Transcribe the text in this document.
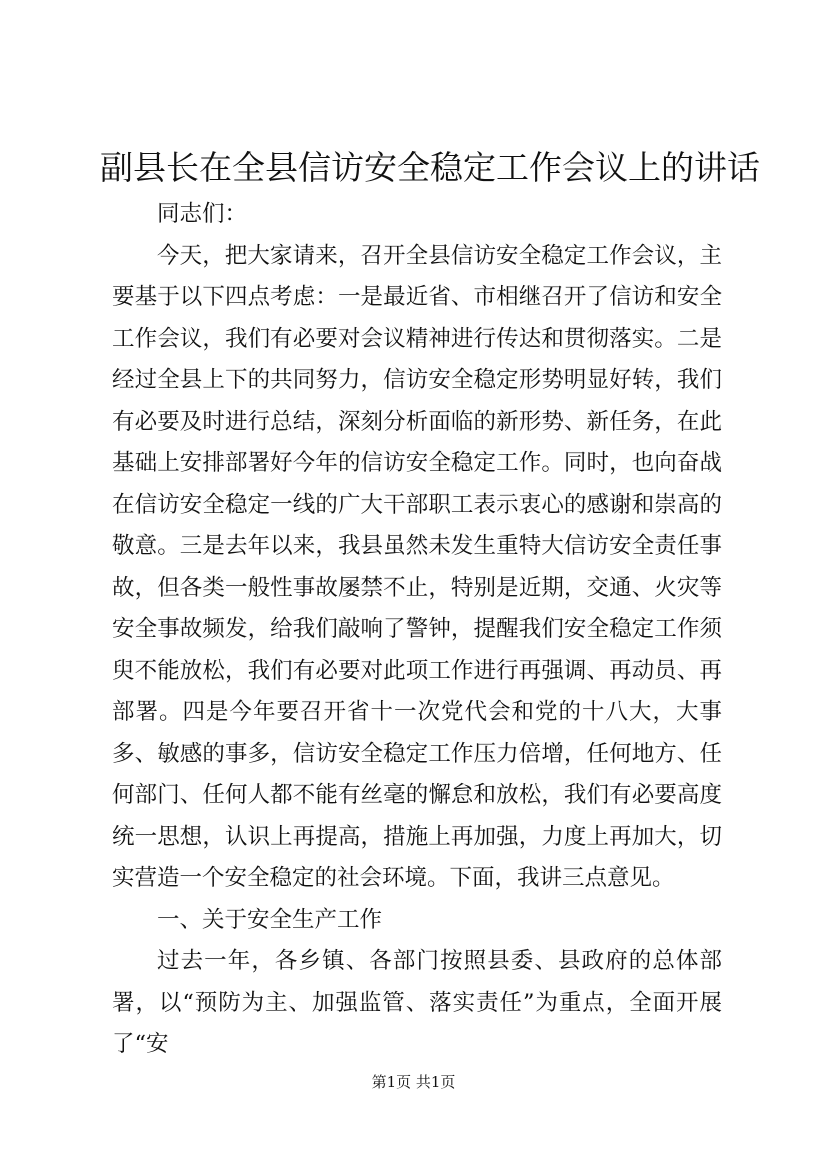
副县长在全县信访安全稳定工作会议上的讲话

同志们：

今天，把大家请来，召开全县信访安全稳定工作会议，主要基于以下四点考虑：一是最近省、市相继召开了信访和安全工作会议，我们有必要对会议精神进行传达和贯彻落实。二是经过全县上下的共同努力，信访安全稳定形势明显好转，我们有必要及时进行总结，深刻分析面临的新形势、新任务，在此基础上安排部署好今年的信访安全稳定工作。同时，也向奋战在信访安全稳定一线的广大干部职工表示衷心的感谢和崇高的敬意。三是去年以来，我县虽然未发生重特大信访安全责任事故，但各类一般性事故屡禁不止，特别是近期，交通、火灾等安全事故频发，给我们敲响了警钟，提醒我们安全稳定工作须臾不能放松，我们有必要对此项工作进行再强调、再动员、再部署。四是今年要召开省十一次党代会和党的十八大，大事多、敏感的事多，信访安全稳定工作压力倍增，任何地方、任何部门、任何人都不能有丝毫的懈怠和放松，我们有必要高度统一思想，认识上再提高，措施上再加强，力度上再加大，切实营造一个安全稳定的社会环境。下面，我讲三点意见。

一、关于安全生产工作

过去一年，各乡镇、各部门按照县委、县政府的总体部署，以“预防为主、加强监管、落实责任”为重点，全面开展了“安

第1页 共1页
